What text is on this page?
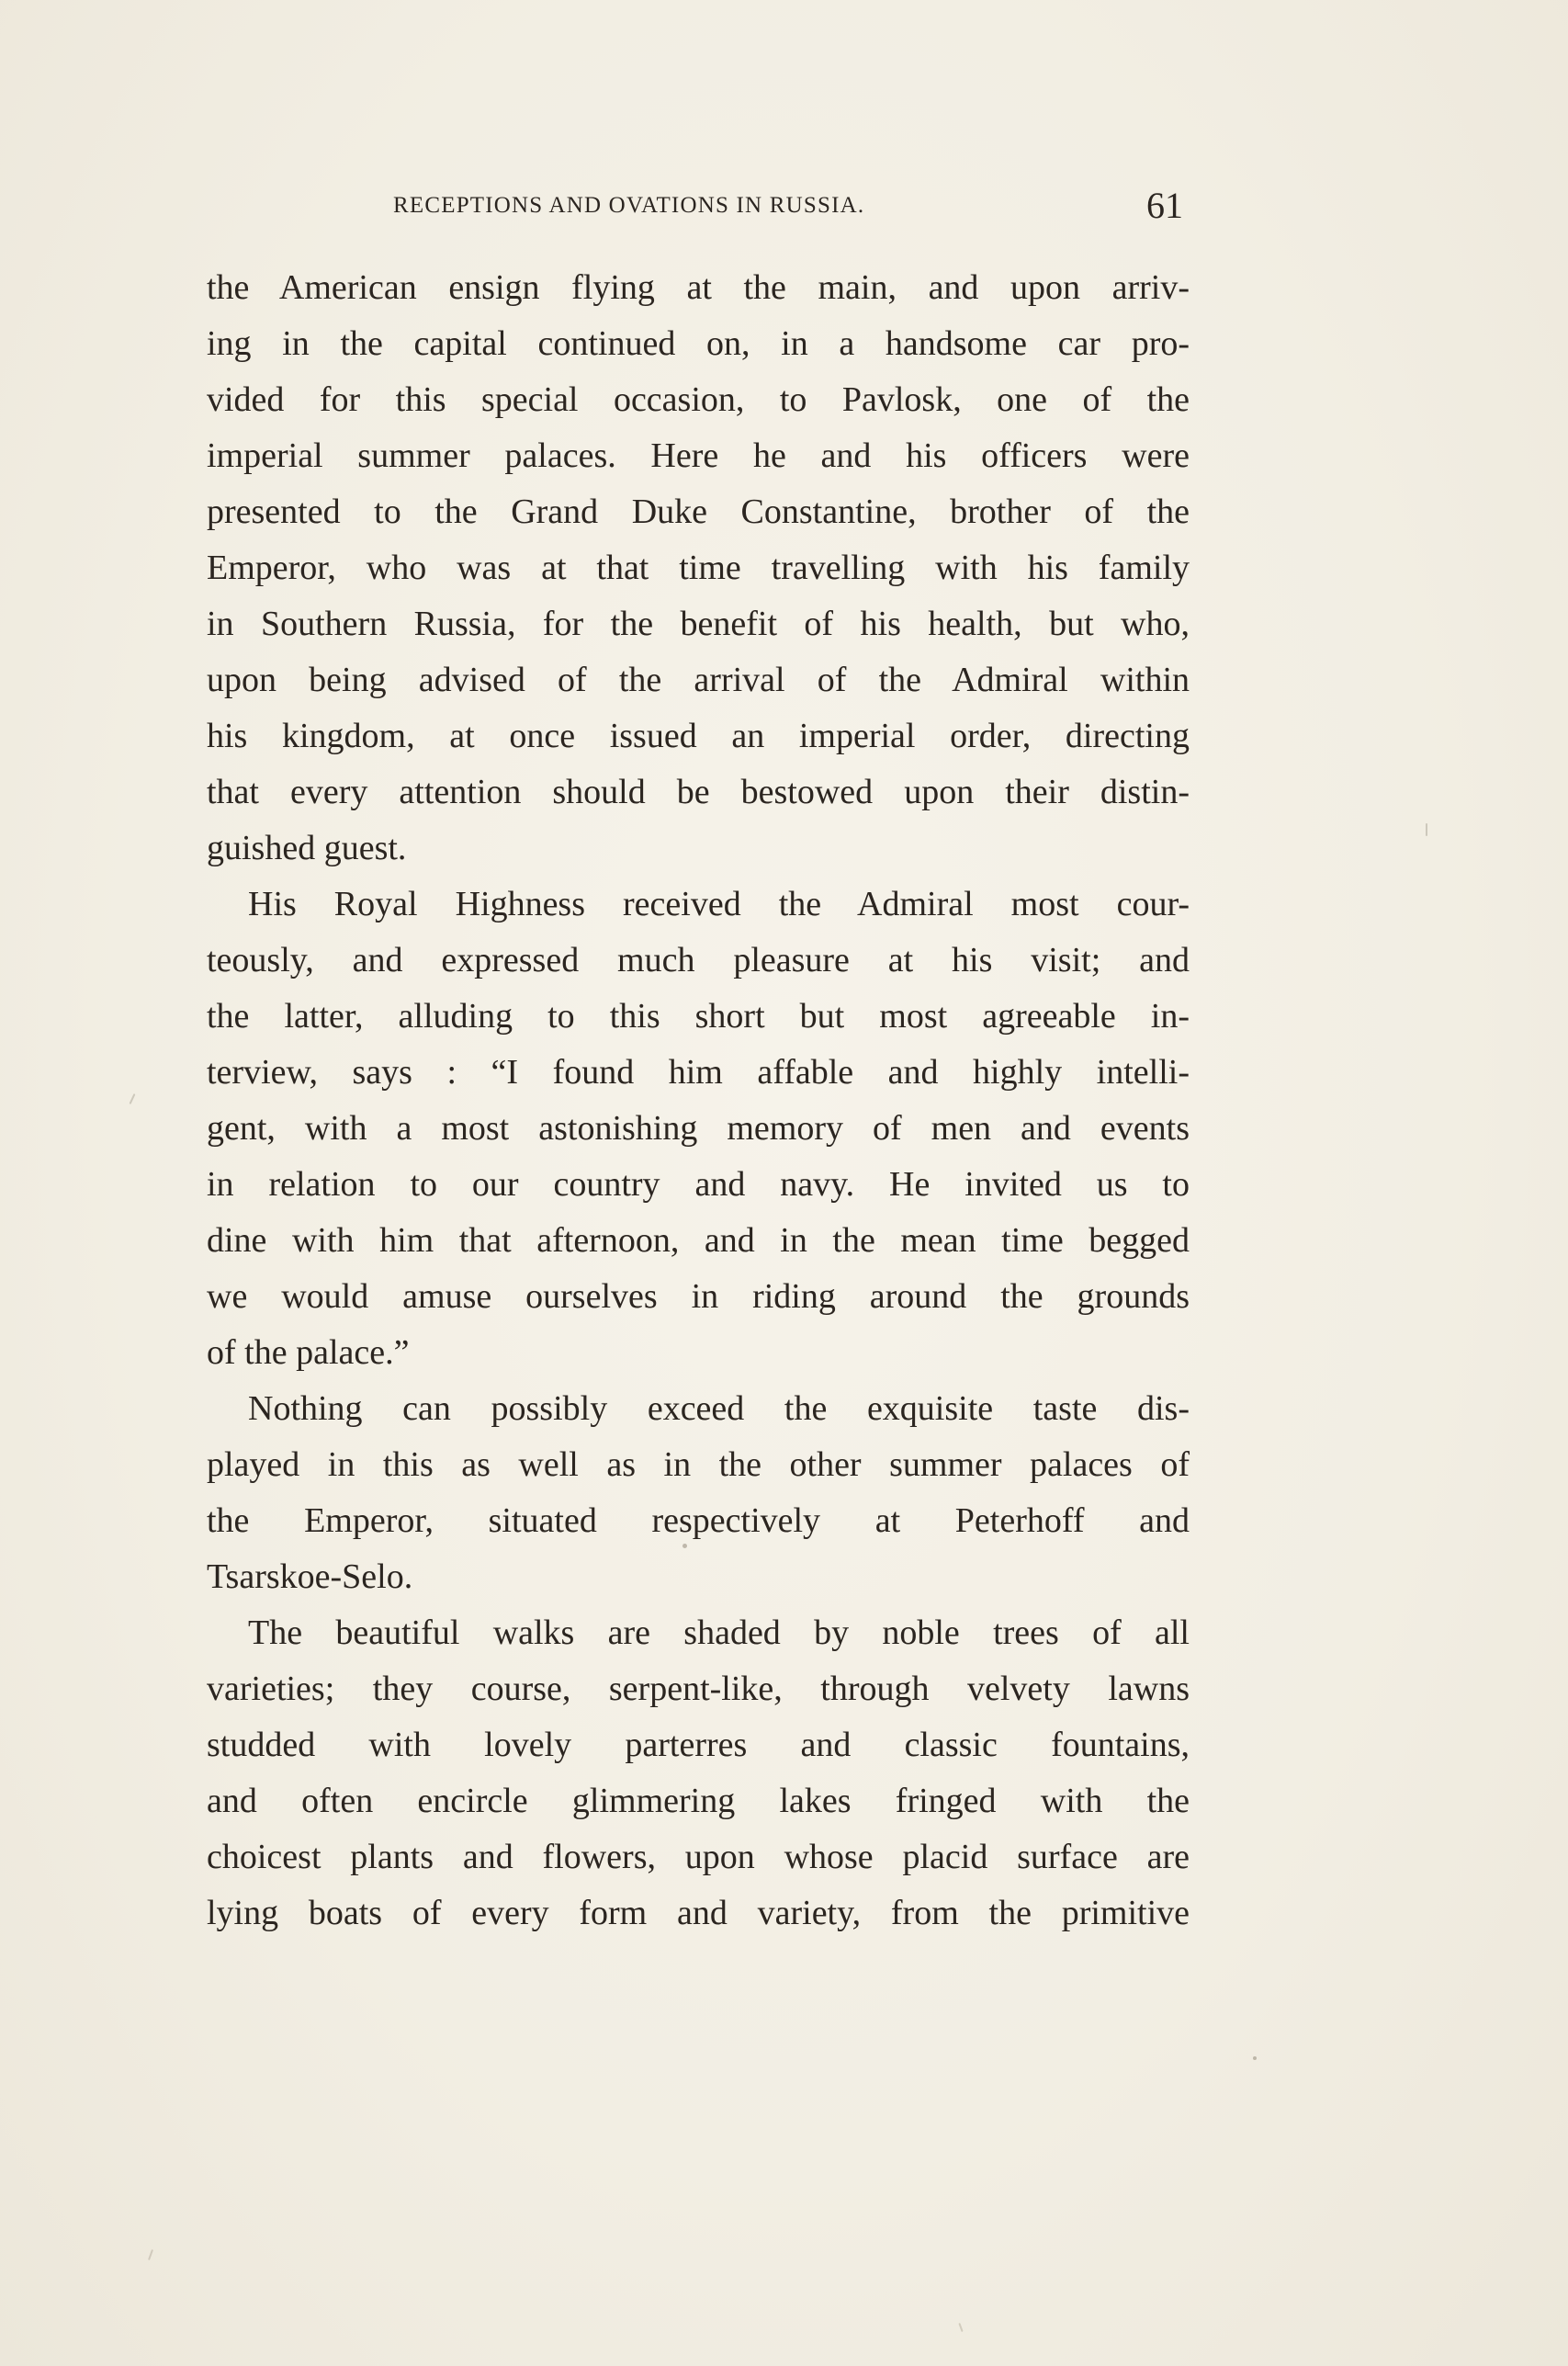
RECEPTIONS AND OVATIONS IN RUSSIA.	61
the American ensign flying at the main, and upon arriv-
ing in the capital continued on, in a handsome car pro-
vided for this special occasion, to Pavlosk, one of the
imperial summer palaces. Here he and his officers were
presented to the Grand Duke Constantine, brother of the
Emperor, who was at that time travelling with his family
in Southern Russia, for the benefit of his health, but who,
upon being advised of the arrival of the Admiral within
his kingdom, at once issued an imperial order, directing
that every attention should be bestowed upon their distin-
guished guest.
His Royal Highness received the Admiral most cour-
teously, and expressed much pleasure at his visit; and
the latter, alluding to this short but most agreeable in-
terview, says : “I found him affable and highly intelli-
gent, with a most astonishing memory of men and events
in relation to our country and navy. He invited us to
dine with him that afternoon, and in the mean time begged
we would amuse ourselves in riding around the grounds
of the palace.”
Nothing can possibly exceed the exquisite taste dis-
played in this as well as in the other summer palaces of
the Emperor, situated respectively at Peterhoff and
Tsarskoe-Selo.
The beautiful walks are shaded by noble trees of all
varieties; they course, serpent-like, through velvety lawns
studded with lovely parterres and classic fountains,
and often encircle glimmering lakes fringed with the
choicest plants and flowers, upon whose placid surface are
lying boats of every form and variety, from the primitive
